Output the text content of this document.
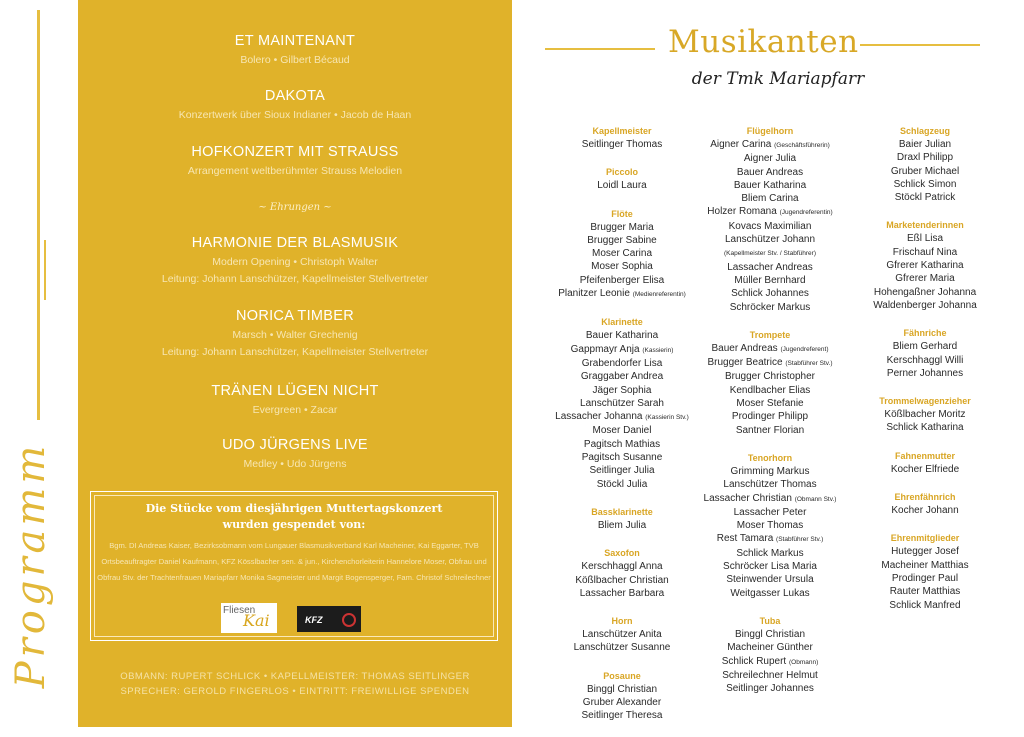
Programm
ET MAINTENANT
Bolero • Gilbert Bécaud
DAKOTA
Konzertwerk über Sioux Indianer • Jacob de Haan
HOFKONZERT MIT STRAUSS
Arrangement weltberühmter Strauss Melodien
~ Ehrungen ~
HARMONIE DER BLASMUSIK
Modern Opening • Christoph Walter
Leitung: Johann Lanschützer, Kapellmeister Stellvertreter
NORICA TIMBER
Marsch • Walter Grechenig
Leitung: Johann Lanschützer, Kapellmeister Stellvertreter
TRÄNEN LÜGEN NICHT
Evergreen • Zacar
UDO JÜRGENS LIVE
Medley • Udo Jürgens
Die Stücke vom diesjährigen Muttertagskonzert
wurden gespendet von:
Bgm. DI Andreas Kaiser, Bezirksobmann vom Lungauer Blasmusikverband Karl Macheiner, Kai Eggarter, TVB Ortsbeauftragter Daniel Kaufmann, KFZ Kösslbacher sen. & jun., Kirchenchorleiterin Hannelore Moser, Obfrau und Obfrau Stv. der Trachtenfrauen Mariapfarr Monika Sagmeister und Margit Bogensperger, Fam. Christof Schreilechner
Fliesen
Kai	KFZ
OBMANN: RUPERT SCHLICK • KAPELLMEISTER: THOMAS SEITLINGER
SPRECHER: GEROLD FINGERLOS • EINTRITT: FREIWILLIGE SPENDEN
Musikanten
der Tmk Mariapfarr
Kapellmeister
Seitlinger Thomas
Piccolo
Loidl Laura
Flöte
Brugger Maria
Brugger Sabine
Moser Carina
Moser Sophia
Pfeifenberger Elisa
Planitzer Leonie (Medienreferentin)
Klarinette
Bauer Katharina
Gappmayr Anja (Kassierin)
Grabendorfer Lisa
Graggaber Andrea
Jäger Sophia
Lanschützer Sarah
Lassacher Johanna (Kassierin Stv.)
Moser Daniel
Pagitsch Mathias
Pagitsch Susanne
Seitlinger Julia
Stöckl Julia
Bassklarinette
Bliem Julia
Saxofon
Kerschhaggl Anna
Kößlbacher Christian
Lassacher Barbara
Horn
Lanschützer Anita
Lanschützer Susanne
Posaune
Binggl Christian
Gruber Alexander
Seitlinger Theresa
Flügelhorn
Aigner Carina (Geschäftsführerin)
Aigner Julia
Bauer Andreas
Bauer Katharina
Bliem Carina
Holzer Romana (Jugendreferentin)
Kovacs Maximilian
Lanschützer Johann
(Kapellmeister Stv. / Stabführer)
Lassacher Andreas
Müller Bernhard
Schlick Johannes
Schröcker Markus
Trompete
Bauer Andreas (Jugendreferent)
Brugger Beatrice (Stabführer Stv.)
Brugger Christopher
Kendlbacher Elias
Moser Stefanie
Prodinger Philipp
Santner Florian
Tenorhorn
Grimming Markus
Lanschützer Thomas
Lassacher Christian (Obmann Stv.)
Lassacher Peter
Moser Thomas
Rest Tamara (Stabführer Stv.)
Schlick Markus
Schröcker Lisa Maria
Steinwender Ursula
Weitgasser Lukas
Tuba
Binggl Christian
Macheiner Günther
Schlick Rupert (Obmann)
Schreilechner Helmut
Seitlinger Johannes
Schlagzeug
Baier Julian
Draxl Philipp
Gruber Michael
Schlick Simon
Stöckl Patrick
Marketenderinnen
Eßl Lisa
Frischauf Nina
Gfrerer Katharina
Gfrerer Maria
Hohengaßner Johanna
Waldenberger Johanna
Fähnriche
Bliem Gerhard
Kerschhaggl Willi
Perner Johannes
Trommelwagenzieher
Kößlbacher Moritz
Schlick Katharina
Fahnenmutter
Kocher Elfriede
Ehrenfähnrich
Kocher Johann
Ehrenmitglieder
Hutegger Josef
Macheiner Matthias
Prodinger Paul
Rauter Matthias
Schlick Manfred
